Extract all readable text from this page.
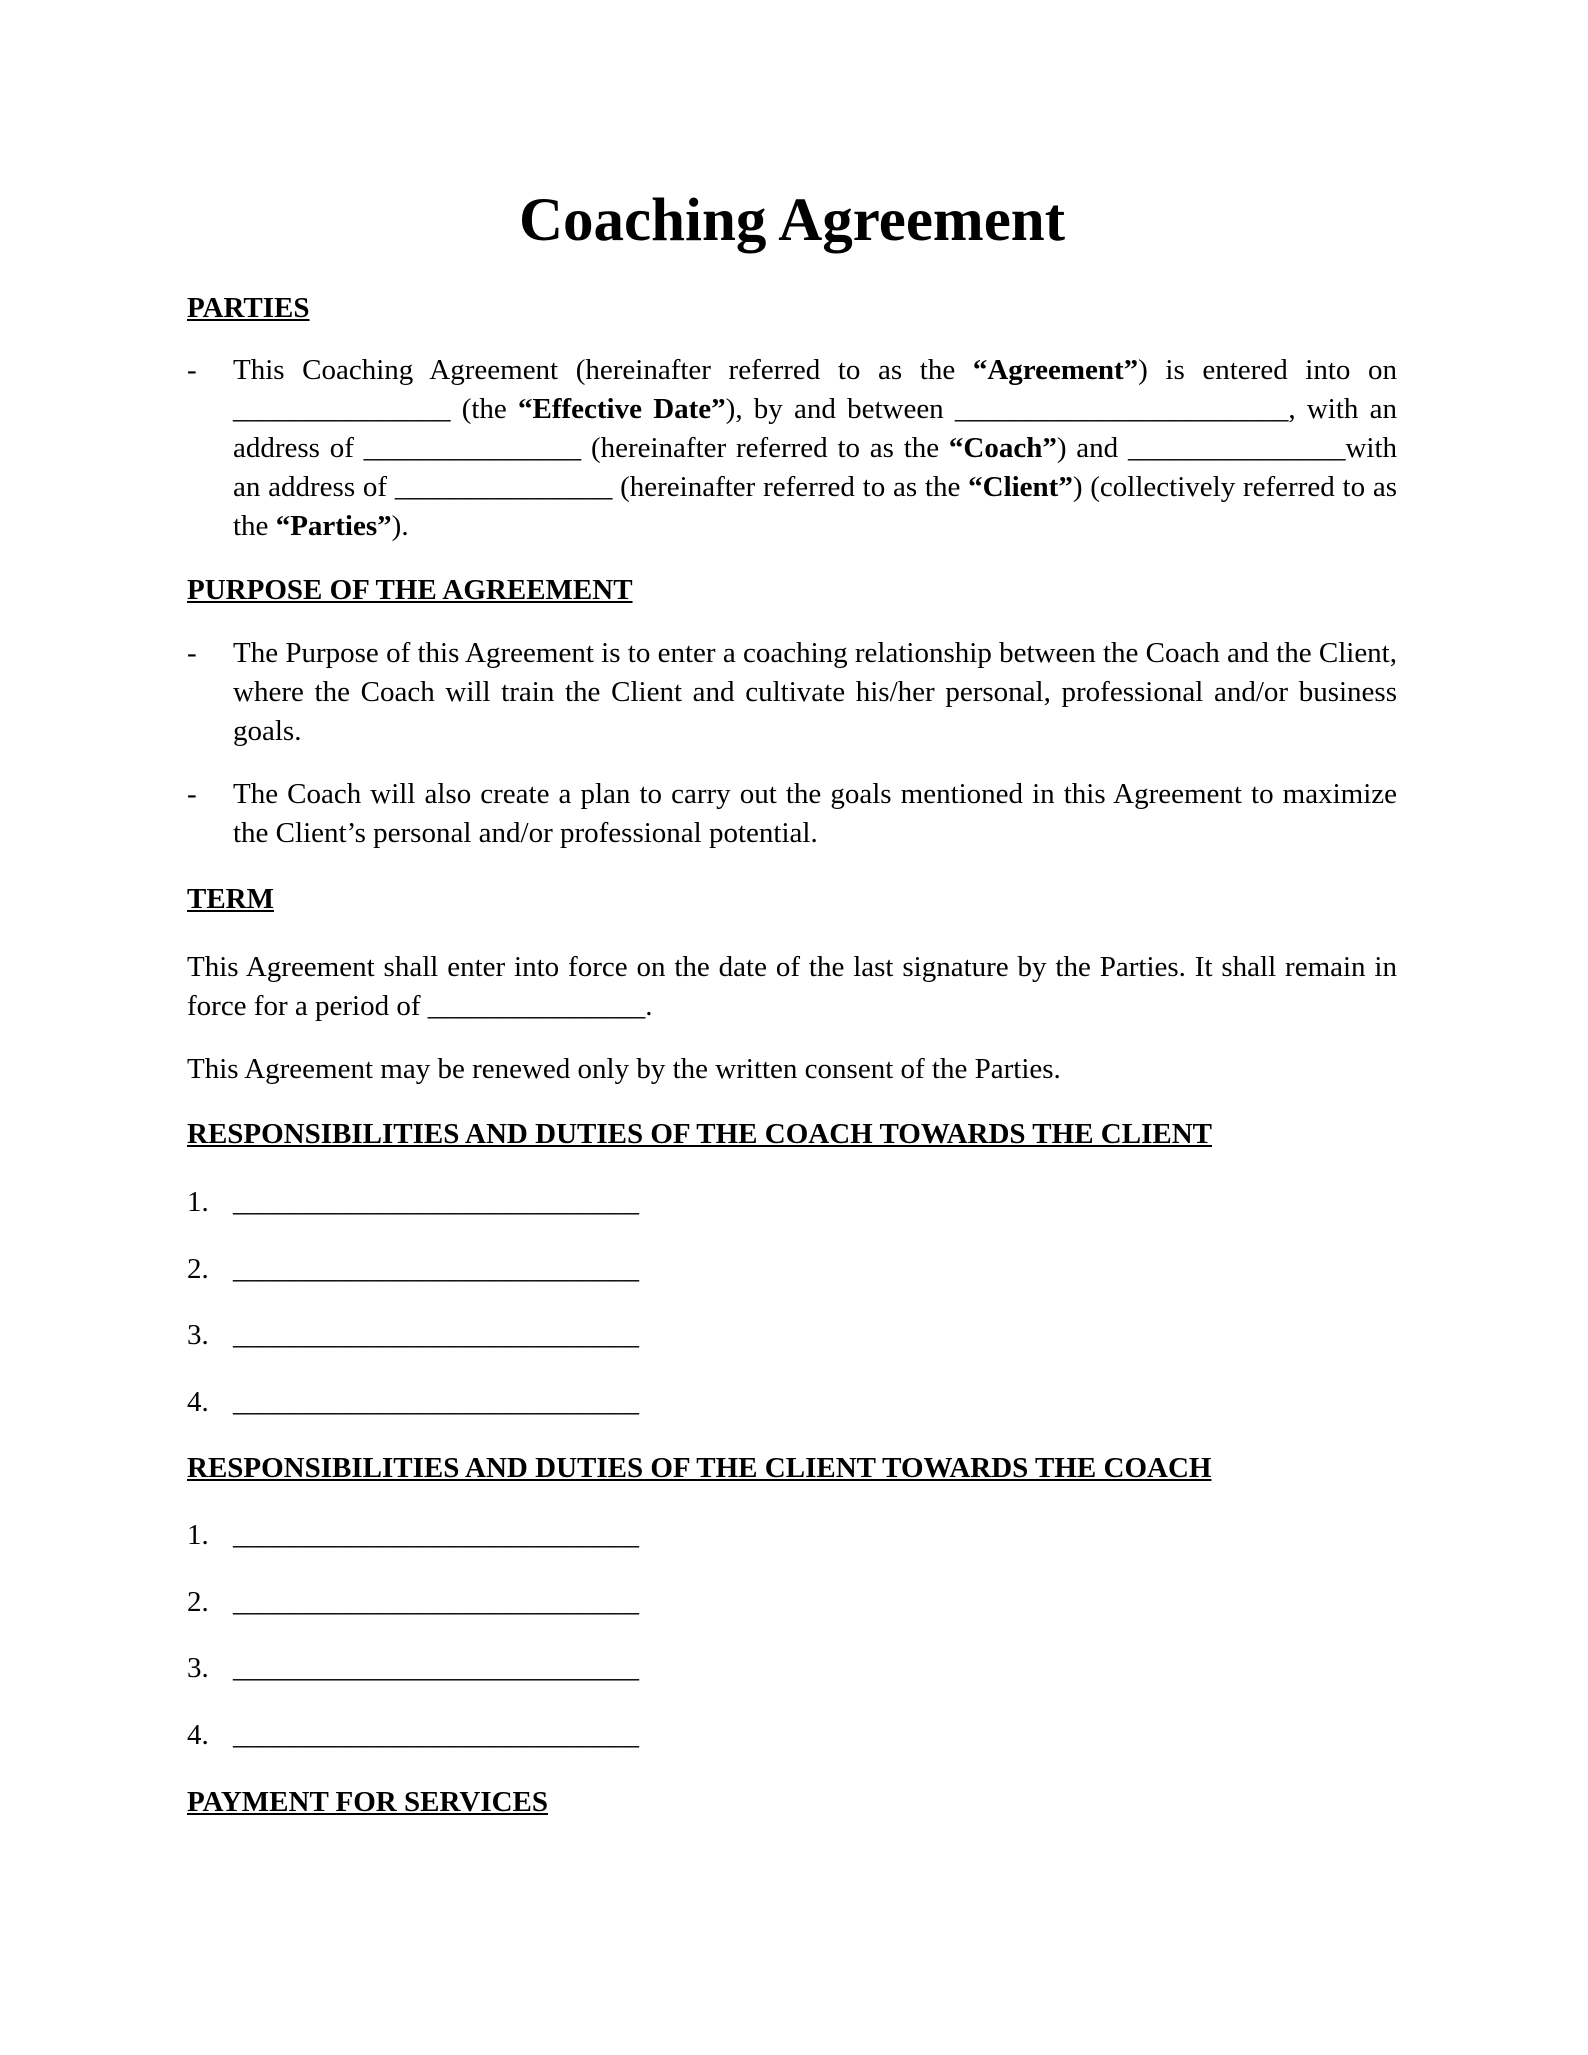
Coaching Agreement
PARTIES
- This Coaching Agreement (hereinafter referred to as the “Agreement”) is entered into on _______________ (the “Effective Date”), by and between _______________________, with an address of _______________ (hereinafter referred to as the “Coach”) and _______________with an address of _______________ (hereinafter referred to as the “Client”) (collectively referred to as the “Parties”).

PURPOSE OF THE AGREEMENT
- The Purpose of this Agreement is to enter a coaching relationship between the Coach and the Client, where the Coach will train the Client and cultivate his/her personal, professional and/or business goals.

- The Coach will also create a plan to carry out the goals mentioned in this Agreement to maximize the Client’s personal and/or professional potential.

TERM

This Agreement shall enter into force on the date of the last signature by the Parties. It shall remain in force for a period of _______________.

This Agreement may be renewed only by the written consent of the Parties.

RESPONSIBILITIES AND DUTIES OF THE COACH TOWARDS THE CLIENT
1. ____________________________
2. ____________________________
3. ____________________________
4. ____________________________
RESPONSIBILITIES AND DUTIES OF THE CLIENT TOWARDS THE COACH
1. ____________________________
2. ____________________________
3. ____________________________
4. ____________________________
PAYMENT FOR SERVICES
